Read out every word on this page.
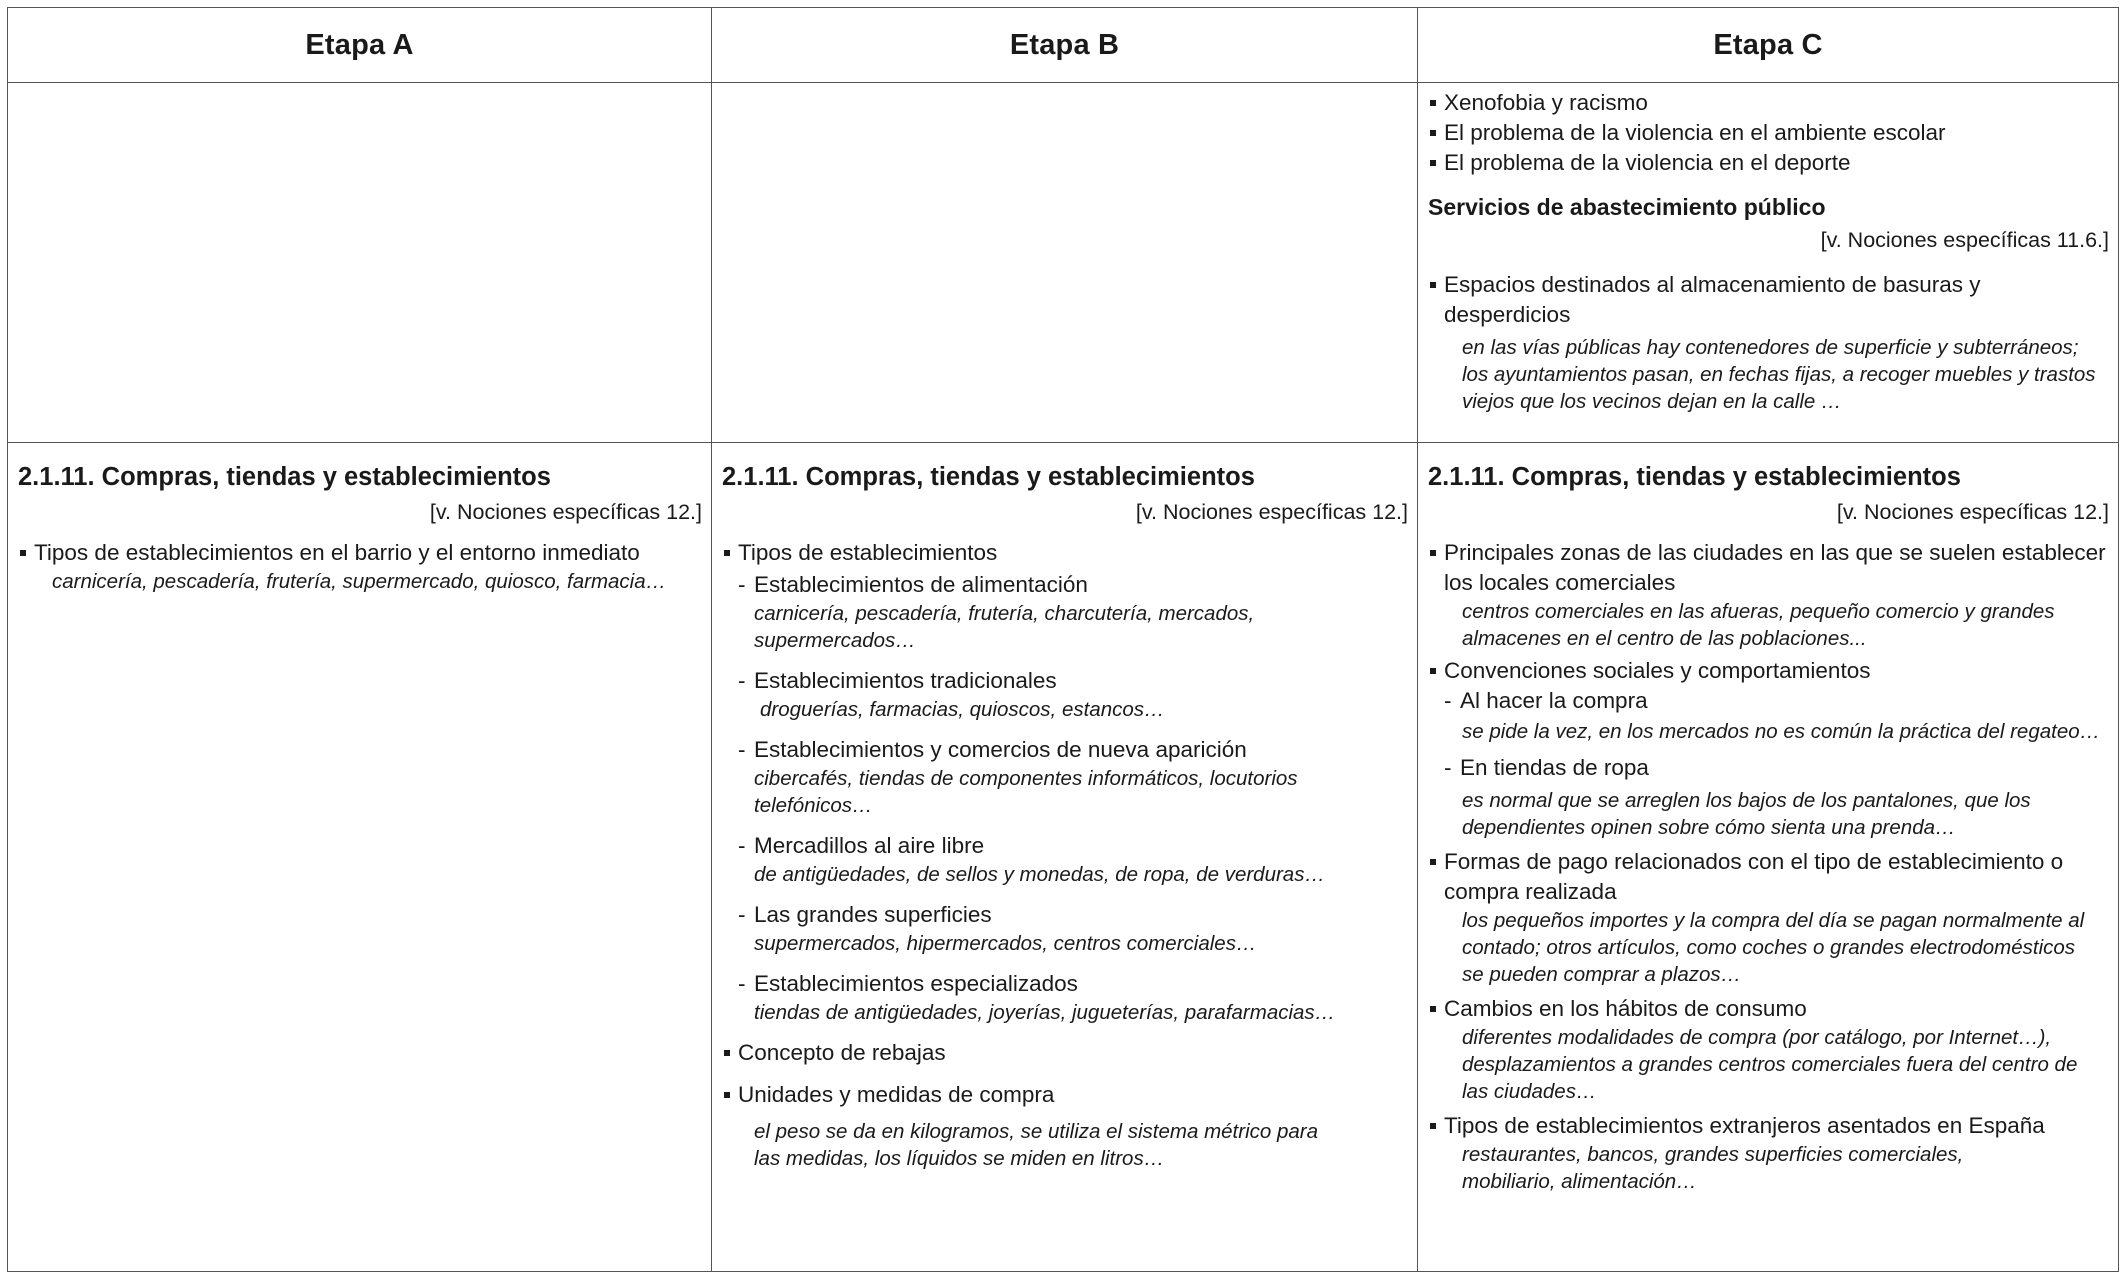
Etapa A	Etapa B	Etapa C
Xenofobia y racismo
El problema de la violencia en el ambiente escolar
El problema de la violencia en el deporte
Servicios de abastecimiento público
[v. Nociones específicas 11.6.]
Espacios destinados al almacenamiento de basuras y desperdicios
en las vías públicas hay contenedores de superficie y subterráneos; los ayuntamientos pasan, en fechas fijas, a recoger muebles y trastos viejos que los vecinos dejan en la calle …
2.1.11. Compras, tiendas y establecimientos
[v. Nociones específicas 12.]
Tipos de establecimientos en el barrio y el entorno inmediato
carnicería, pescadería, frutería, supermercado, quiosco, farmacia…
2.1.11. Compras, tiendas y establecimientos
[v. Nociones específicas 12.]
Tipos de establecimientos
- Establecimientos de alimentación
carnicería, pescadería, frutería, charcutería, mercados, supermercados…
- Establecimientos tradicionales
droguerías, farmacias, quioscos, estancos…
- Establecimientos y comercios de nueva aparición
cibercafés, tiendas de componentes informáticos, locutorios telefónicos…
- Mercadillos al aire libre
de antigüedades, de sellos y monedas, de ropa, de verduras…
- Las grandes superficies
supermercados, hipermercados, centros comerciales…
- Establecimientos especializados
tiendas de antigüedades, joyerías, jugueterías, parafarmacias…
Concepto de rebajas
Unidades y medidas de compra
el peso se da en kilogramos, se utiliza el sistema métrico para las medidas, los líquidos se miden en litros…
2.1.11. Compras, tiendas y establecimientos
[v. Nociones específicas 12.]
Principales zonas de las ciudades en las que se suelen establecer los locales comerciales
centros comerciales en las afueras, pequeño comercio y grandes almacenes en el centro de las poblaciones...
Convenciones sociales y comportamientos
- Al hacer la compra
se pide la vez, en los mercados no es común la práctica del regateo…
- En tiendas de ropa
es normal que se arreglen los bajos de los pantalones, que los dependientes opinen sobre cómo sienta una prenda…
Formas de pago relacionados con el tipo de establecimiento o compra realizada
los pequeños importes y la compra del día se pagan normalmente al contado; otros artículos, como coches o grandes electrodomésticos se pueden comprar a plazos…
Cambios en los hábitos de consumo
diferentes modalidades de compra (por catálogo, por Internet…), desplazamientos a grandes centros comerciales fuera del centro de las ciudades…
Tipos de establecimientos extranjeros asentados en España
restaurantes, bancos, grandes superficies comerciales, mobiliario, alimentación…
